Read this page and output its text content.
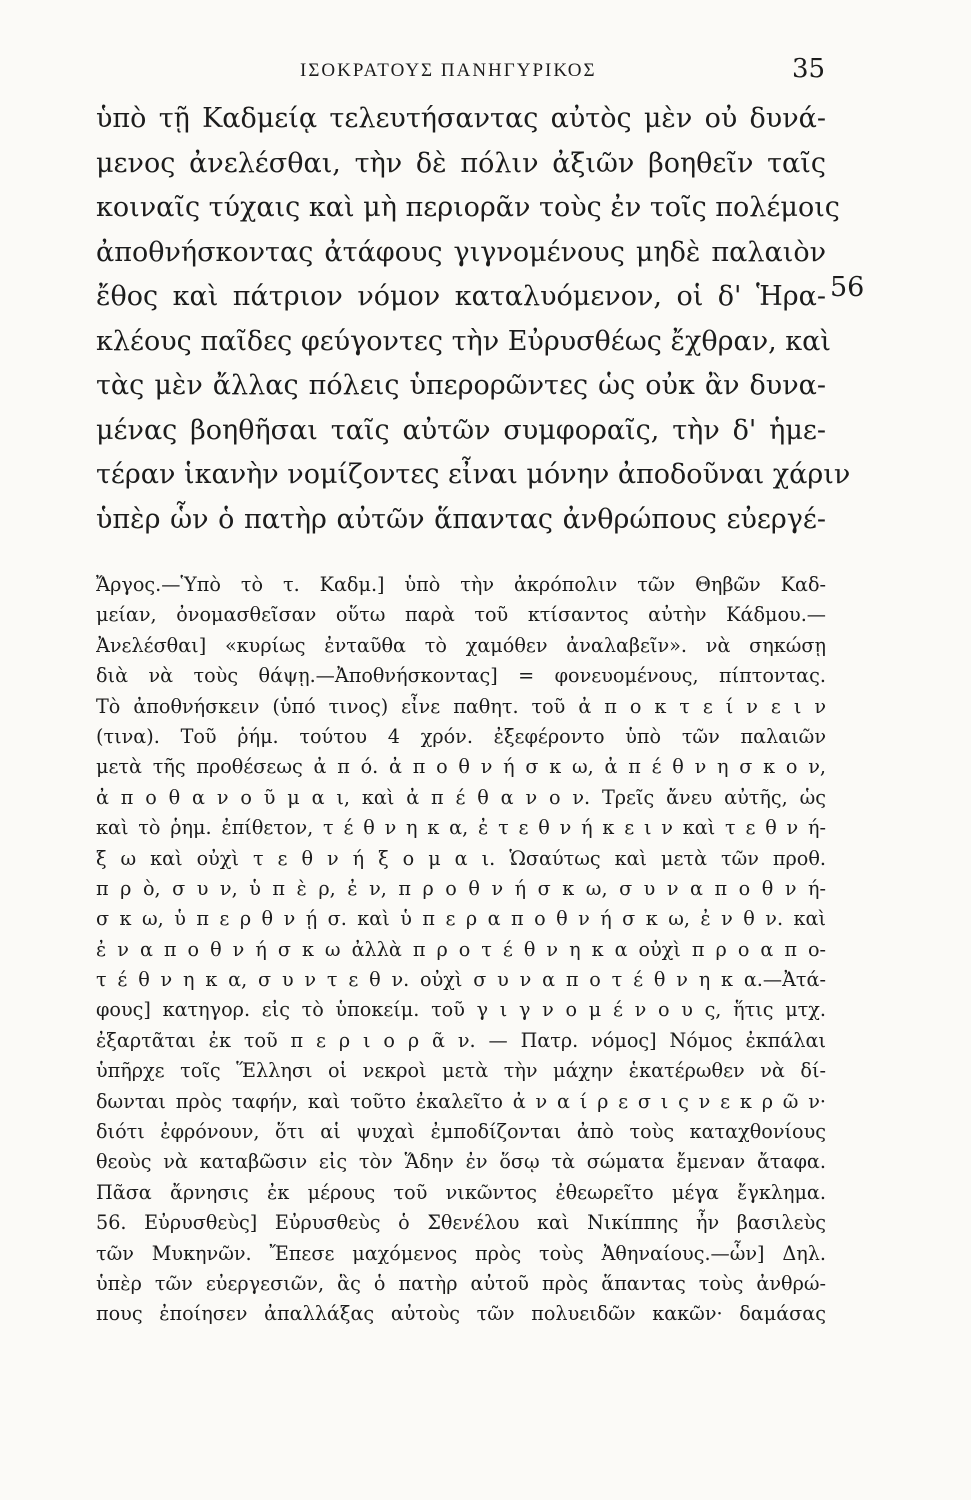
ΙΣΟΚΡΑΤΟΥΣ ΠΑΝΗΓΥΡΙΚΟΣ	35
ὑπὸ τῇ Καδμείᾳ τελευτήσαντας αὐτὸς μὲν οὐ δυνά-
μενος ἀνελέσθαι, τὴν δὲ πόλιν ἀξιῶν βοηθεῖν ταῖς
κοιναῖς τύχαις καὶ μὴ περιορᾶν τοὺς ἐν τοῖς πολέμοις
ἀποθνήσκοντας ἀτάφους γιγνομένους μηδὲ παλαιὸν
ἔθος καὶ πάτριον νόμον καταλυόμενον, οἱ δ' Ἡρα-
κλέους παῖδες φεύγοντες τὴν Εὐρυσθέως ἔχθραν, καὶ
τὰς μὲν ἄλλας πόλεις ὑπερορῶντες ὡς οὐκ ἂν δυνα-
μένας βοηθῆσαι ταῖς αὐτῶν συμφοραῖς, τὴν δ' ἡμε-
τέραν ἱκανὴν νομίζοντες εἶναι μόνην ἀποδοῦναι χάριν
ὑπὲρ ὧν ὁ πατὴρ αὐτῶν ἅπαντας ἀνθρώπους εὐεργέ-
56
Ἄργος.—Ὑπὸ τὸ τ. Καδμ.] ὑπὸ τὴν ἀκρόπολιν τῶν Θηβῶν Καδ-
μείαν, ὀνομασθεῖσαν οὕτω παρὰ τοῦ κτίσαντος αὐτὴν Κάδμου.—
Ἀνελέσθαι] «κυρίως ἐνταῦθα τὸ χαμόθεν ἀναλαβεῖν». νὰ σηκώσῃ
διὰ νὰ τοὺς θάψῃ.—Ἀποθνήσκοντας] = φονευομένους, πίπτοντας.
Τὸ ἀποθνήσκειν (ὑπό τινος) εἶνε παθητ. τοῦ ἀ π ο κ τ ε ί ν ε ι ν
(τινα). Τοῦ ῥήμ. τούτου 4 χρόν. ἐξεφέροντο ὑπὸ τῶν παλαιῶν
μετὰ τῆς προθέσεως ἀ π ό. ἀ π ο θ ν ή σ κ ω, ἀ π έ θ ν η σ κ ο ν,
ἀ π ο θ α ν ο ῦ μ α ι, καὶ ἀ π έ θ α ν ο ν. Τρεῖς ἄνευ αὐτῆς, ὡς
καὶ τὸ ῥημ. ἐπίθετον, τ έ θ ν η κ α, ἐ τ ε θ ν ή κ ε ι ν καὶ τ ε θ ν ή-
ξ ω καὶ οὐχὶ τ ε θ ν ή ξ ο μ α ι. Ὡσαύτως καὶ μετὰ τῶν προθ.
π ρ ὸ, σ υ ν, ὑ π ὲ ρ, ἐ ν, π ρ ο θ ν ή σ κ ω, σ υ ν α π ο θ ν ή-
σ κ ω, ὑ π ε ρ θ ν ῄ σ. καὶ ὑ π ε ρ α π ο θ ν ή σ κ ω, ἐ ν θ ν. καὶ
ἐ ν α π ο θ ν ή σ κ ω ἀλλὰ π ρ ο τ έ θ ν η κ α οὐχὶ π ρ ο α π ο-
τ έ θ ν η κ α, σ υ ν τ ε θ ν. οὐχὶ σ υ ν α π ο τ έ θ ν η κ α.—Ἀτά-
φους] κατηγορ. εἰς τὸ ὑποκείμ. τοῦ γ ι γ ν ο μ έ ν ο υ ς, ἥτις μτχ.
ἐξαρτᾶται ἐκ τοῦ π ε ρ ι ο ρ ᾶ ν. — Πατρ. νόμος] Νόμος ἐκπάλαι
ὑπῆρχε τοῖς Ἕλλησι οἱ νεκροὶ μετὰ τὴν μάχην ἑκατέρωθεν νὰ δί-
δωνται πρὸς ταφήν, καὶ τοῦτο ἐκαλεῖτο ἀ ν α ί ρ ε σ ι ς ν ε κ ρ ῶ ν·
διότι ἐφρόνουν, ὅτι αἱ ψυχαὶ ἐμποδίζονται ἀπὸ τοὺς καταχθονίους
θεοὺς νὰ καταβῶσιν εἰς τὸν Ἅδην ἐν ὅσῳ τὰ σώματα ἔμεναν ἄταφα.
Πᾶσα ἄρνησις ἐκ μέρους τοῦ νικῶντος ἐθεωρεῖτο μέγα ἔγκλημα.
56. Εὐρυσθεὺς] Εὐρυσθεὺς ὁ Σθενέλου καὶ Νικίππης ἦν βασιλεὺς
τῶν Μυκηνῶν. Ἔπεσε μαχόμενος πρὸς τοὺς Ἀθηναίους.—ὧν] Δηλ.
ὑπὲρ τῶν εὐεργεσιῶν, ἃς ὁ πατὴρ αὐτοῦ πρὸς ἅπαντας τοὺς ἀνθρώ-
πους ἐποίησεν ἀπαλλάξας αὐτοὺς τῶν πολυειδῶν κακῶν· δαμάσας
